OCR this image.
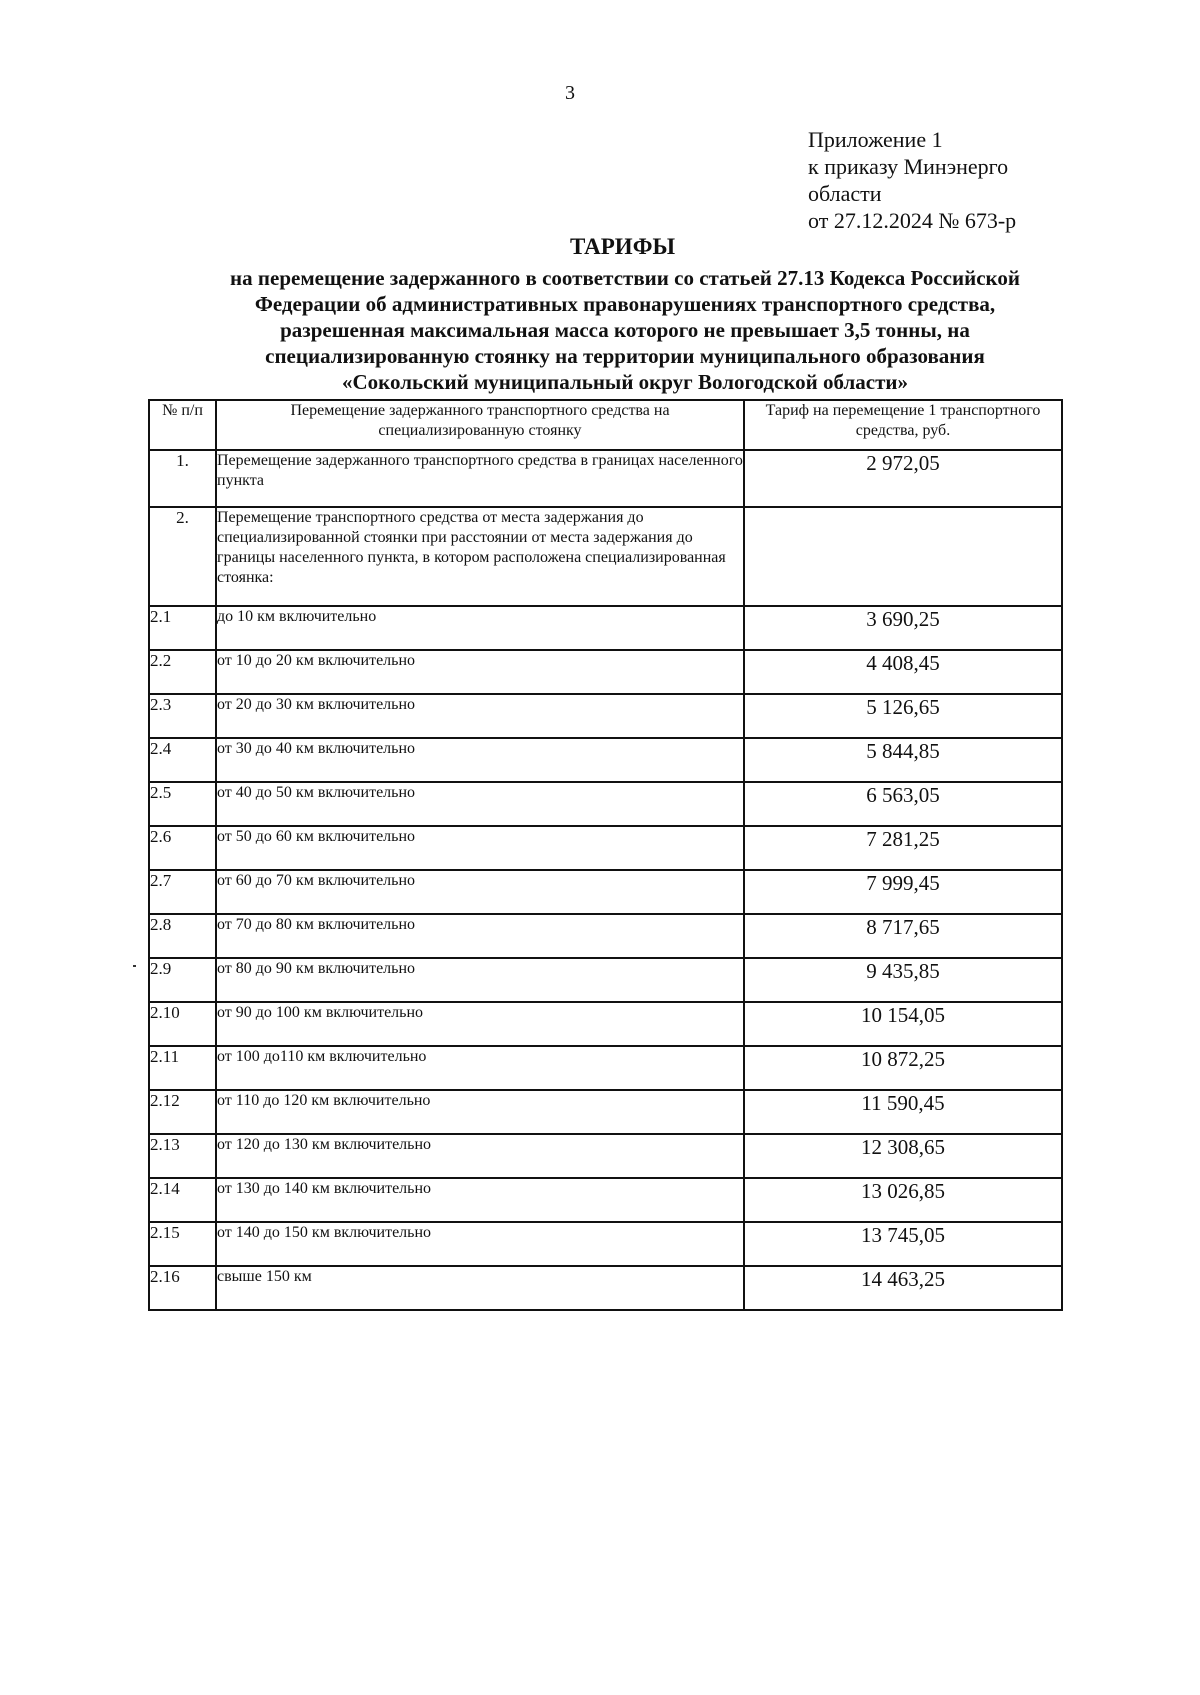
3
Приложение 1
к приказу Минэнерго
области
от 27.12.2024 № 673-р
ТАРИФЫ
на перемещение задержанного в соответствии со статьей 27.13 Кодекса Российской
Федерации об административных правонарушениях транспортного средства,
разрешенная максимальная масса которого не превышает 3,5 тонны, на
специализированную стоянку на территории муниципального образования
«Сокольский муниципальный округ Вологодской области»
№ п/п	Перемещение задержанного транспортного средства на специализированную стоянку	Тариф на перемещение 1 транспортного средства, руб.
1.	Перемещение задержанного транспортного средства в границах населенного пункта	2 972,05
2.	Перемещение транспортного средства от места задержания до специализированной стоянки при расстоянии от места задержания до границы населенного пункта, в котором расположена специализированная стоянка:	
2.1	до 10 км включительно	3 690,25
2.2	от 10 до 20 км включительно	4 408,45
2.3	от 20 до 30 км включительно	5 126,65
2.4	от 30 до 40 км включительно	5 844,85
2.5	от 40 до 50 км включительно	6 563,05
2.6	от 50 до 60 км включительно	7 281,25
2.7	от 60 до 70 км включительно	7 999,45
2.8	от 70 до 80 км включительно	8 717,65
2.9	от 80 до 90 км включительно	9 435,85
2.10	от 90 до 100 км включительно	10 154,05
2.11	от 100 до110 км включительно	10 872,25
2.12	от 110 до 120 км включительно	11 590,45
2.13	от 120 до 130 км включительно	12 308,65
2.14	от 130 до 140 км включительно	13 026,85
2.15	от 140 до 150 км включительно	13 745,05
2.16	свыше 150 км	14 463,25
